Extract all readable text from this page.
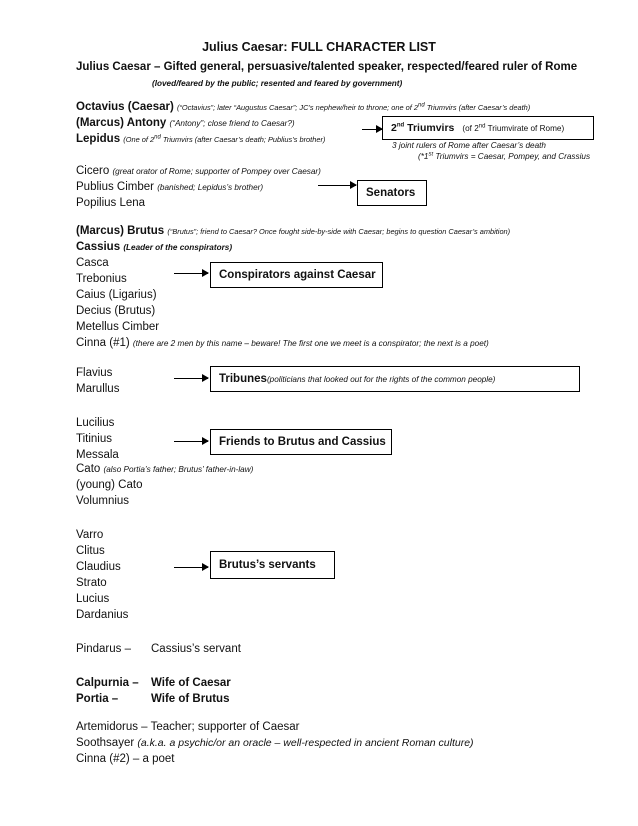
Julius Caesar: FULL CHARACTER LIST
Julius Caesar – Gifted general, persuasive/talented speaker, respected/feared ruler of Rome
(loved/feared by the public; resented and feared by government)
Octavius (Caesar) (“Octavius”; later “Augustus Caesar”; JC’s nephew/heir to throne; one of 2nd Triumvirs (after Caesar’s death)
(Marcus) Antony (“Antony”; close friend to Caesar?)
Lepidus (One of 2nd Triumvirs (after Caesar’s death; Publius’s brother)
2nd Triumvirs (of 2nd Triumvirate of Rome)
3 joint rulers of Rome after Caesar’s death
(*1st Triumvirs = Caesar, Pompey, and Crassius
Cicero (great orator of Rome; supporter of Pompey over Caesar)
Publius Cimber (banished; Lepidus’s brother)
Popilius Lena
Senators
(Marcus) Brutus (“Brutus”; friend to Caesar? Once fought side-by-side with Caesar; begins to question Caesar’s ambition)
Cassius (Leader of the conspirators)
Casca
Trebonius
Caius (Ligarius)
Decius (Brutus)
Metellus Cimber
Cinna (#1) (there are 2 men by this name – beware! The first one we meet is a conspirator; the next is a poet)
Conspirators against Caesar
Flavius
Marullus
Tribunes (politicians that looked out for the rights of the common people)
Lucilius
Titinius
Messala
Cato (also Portia’s father; Brutus’ father-in-law)
(young) Cato
Volumnius
Friends to Brutus and Cassius
Varro
Clitus
Claudius
Strato
Lucius
Dardanius
Brutus’s servants
Pindarus – Cassius’s servant
Calpurnia – Wife of Caesar
Portia –	Wife of Brutus
Artemidorus – Teacher; supporter of Caesar
Soothsayer (a.k.a. a psychic/or an oracle – well-respected in ancient Roman culture)
Cinna (#2) – a poet
